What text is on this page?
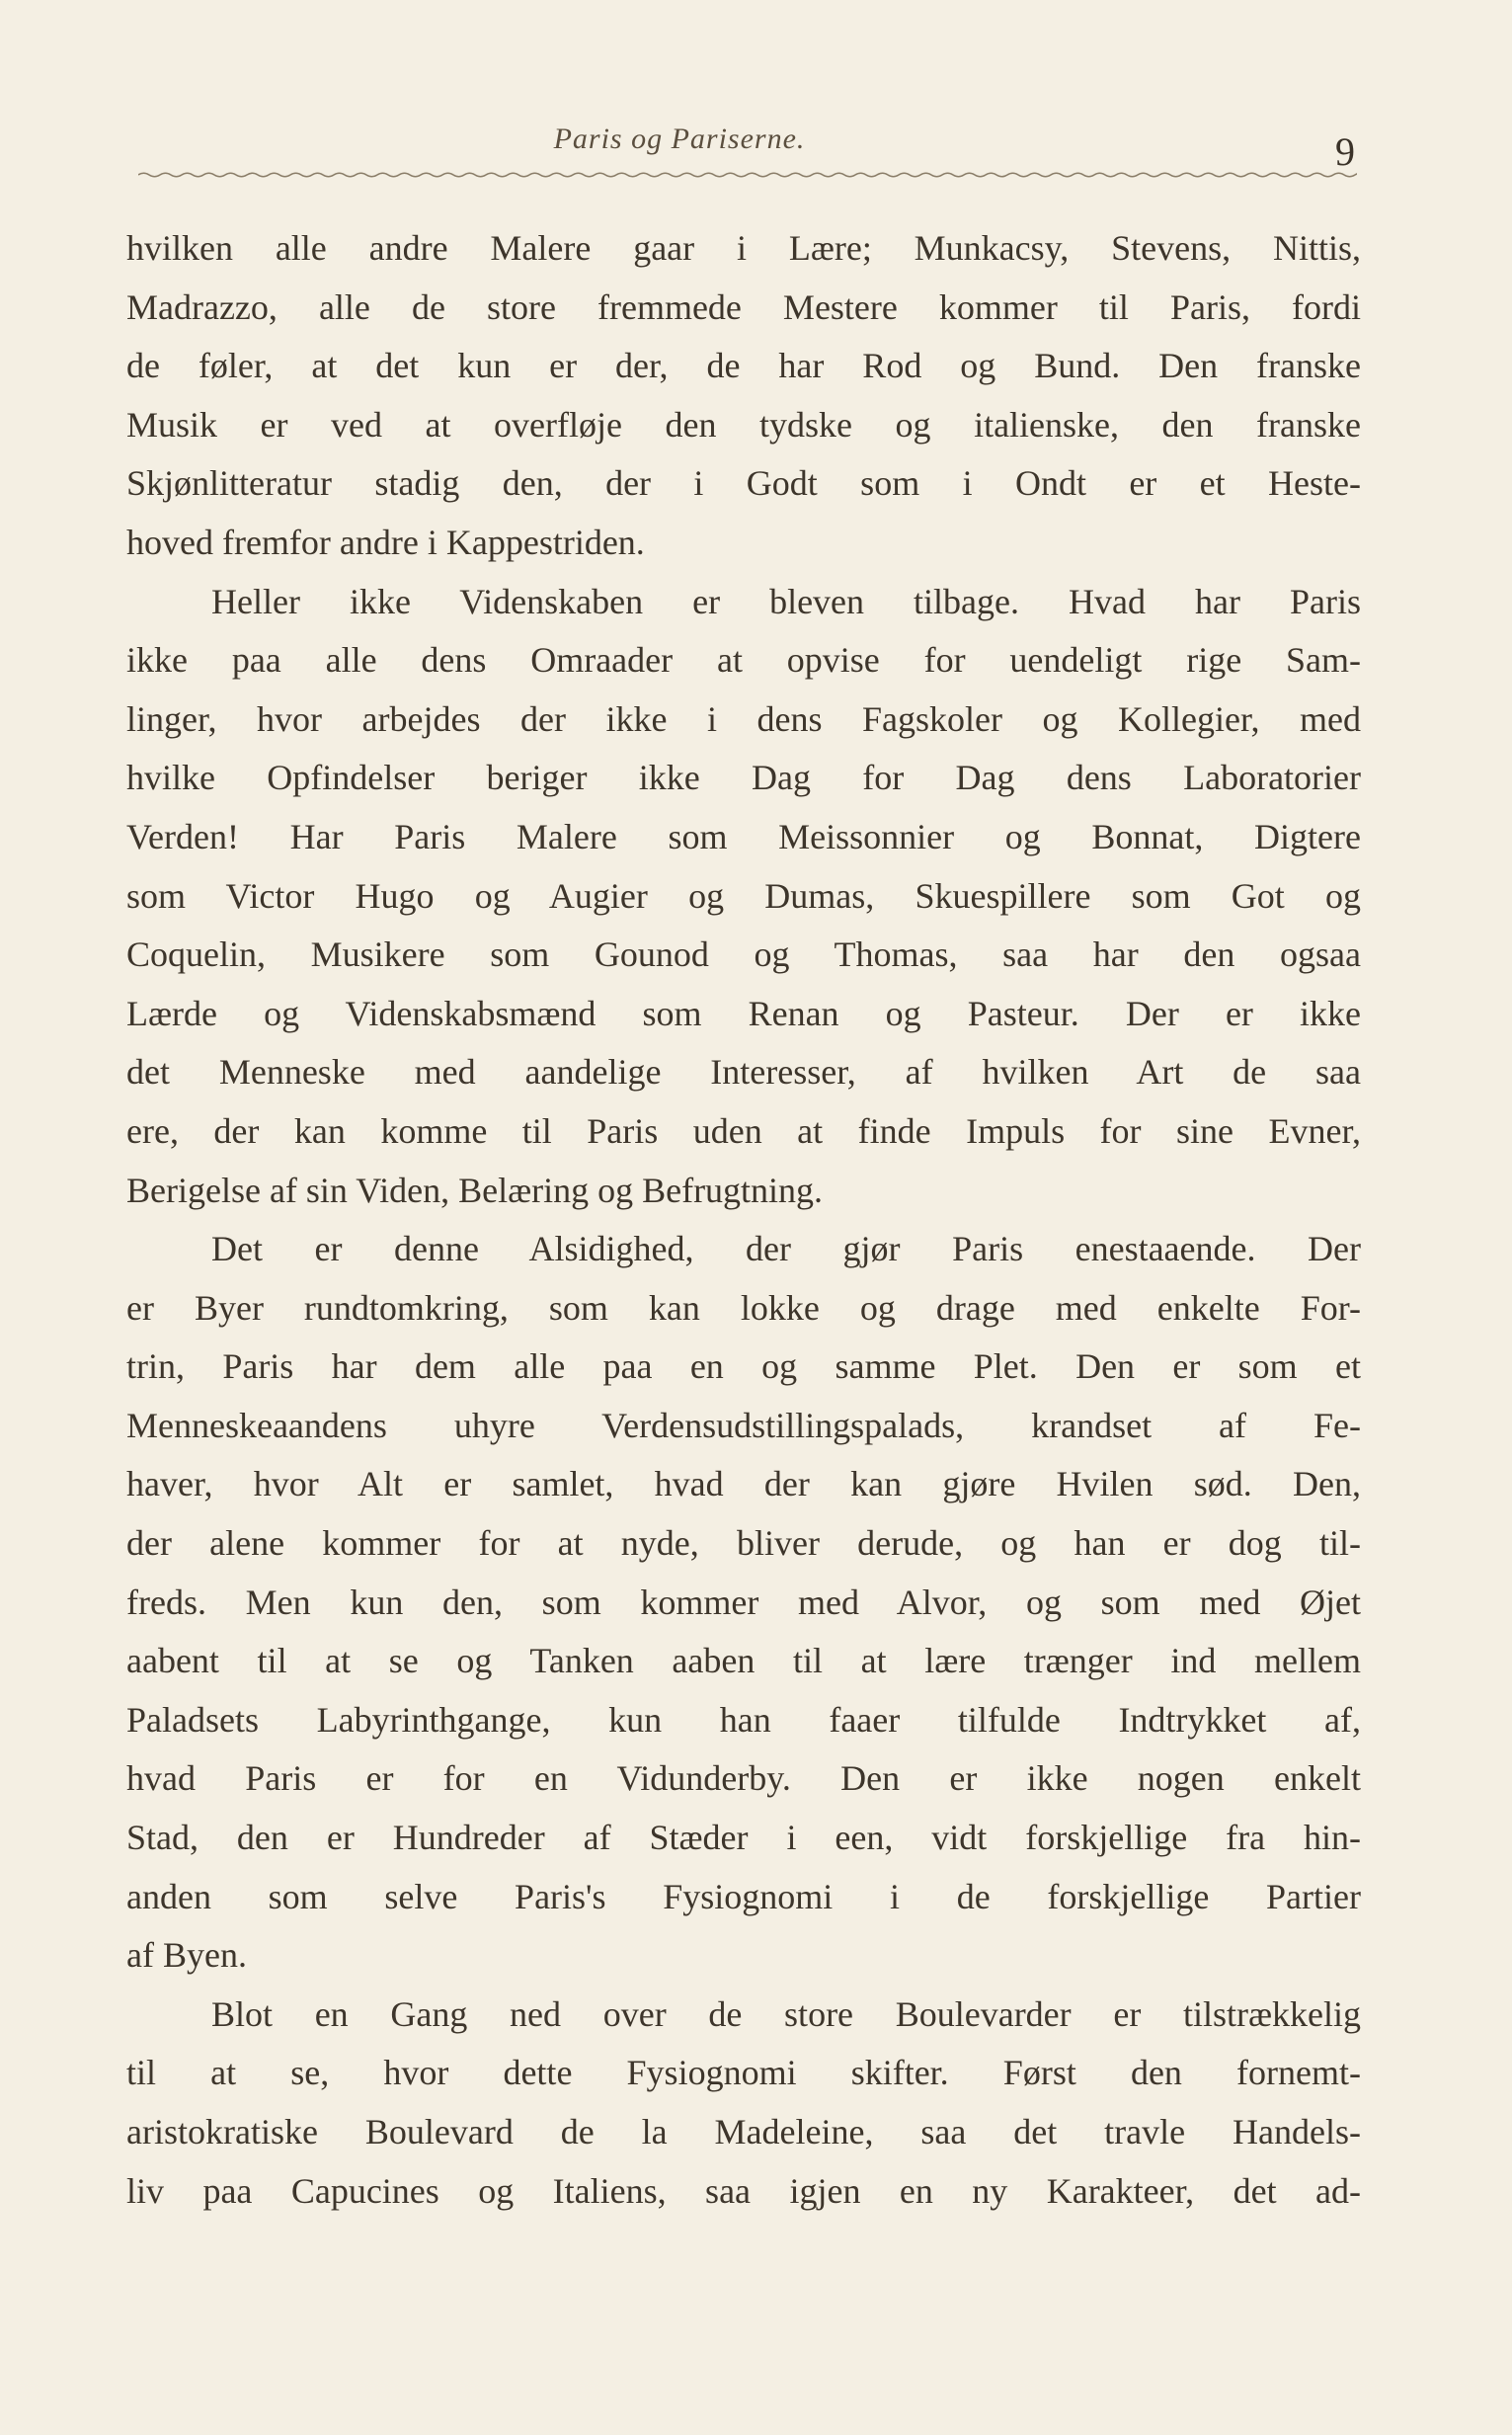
Paris og Pariserne.	9
hvilken alle andre Malere gaar i Lære; Munkacsy, Stevens, Nittis,
Madrazzo, alle de store fremmede Mestere kommer til Paris, fordi
de føler, at det kun er der, de har Rod og Bund. Den franske
Musik er ved at overfløje den tydske og italienske, den franske
Skjønlitteratur stadig den, der i Godt som i Ondt er et Heste-
hoved fremfor andre i Kappestriden.
Heller ikke Videnskaben er bleven tilbage. Hvad har Paris
ikke paa alle dens Omraader at opvise for uendeligt rige Sam-
linger, hvor arbejdes der ikke i dens Fagskoler og Kollegier, med
hvilke Opfindelser beriger ikke Dag for Dag dens Laboratorier
Verden! Har Paris Malere som Meissonnier og Bonnat, Digtere
som Victor Hugo og Augier og Dumas, Skuespillere som Got og
Coquelin, Musikere som Gounod og Thomas, saa har den ogsaa
Lærde og Videnskabsmænd som Renan og Pasteur. Der er ikke
det Menneske med aandelige Interesser, af hvilken Art de saa
ere, der kan komme til Paris uden at finde Impuls for sine Evner,
Berigelse af sin Viden, Belæring og Befrugtning.
Det er denne Alsidighed, der gjør Paris enestaaende. Der
er Byer rundtomkring, som kan lokke og drage med enkelte For-
trin, Paris har dem alle paa en og samme Plet. Den er som et
Menneskeaandens uhyre Verdensudstillingspalads, krandset af Fe-
haver, hvor Alt er samlet, hvad der kan gjøre Hvilen sød. Den,
der alene kommer for at nyde, bliver derude, og han er dog til-
freds. Men kun den, som kommer med Alvor, og som med Øjet
aabent til at se og Tanken aaben til at lære trænger ind mellem
Paladsets Labyrinthgange, kun han faaer tilfulde Indtrykket af,
hvad Paris er for en Vidunderby. Den er ikke nogen enkelt
Stad, den er Hundreder af Stæder i een, vidt forskjellige fra hin-
anden som selve Paris's Fysiognomi i de forskjellige Partier
af Byen.
Blot en Gang ned over de store Boulevarder er tilstrækkelig
til at se, hvor dette Fysiognomi skifter. Først den fornemt-
aristokratiske Boulevard de la Madeleine, saa det travle Handels-
liv paa Capucines og Italiens, saa igjen en ny Karakteer, det ad-
